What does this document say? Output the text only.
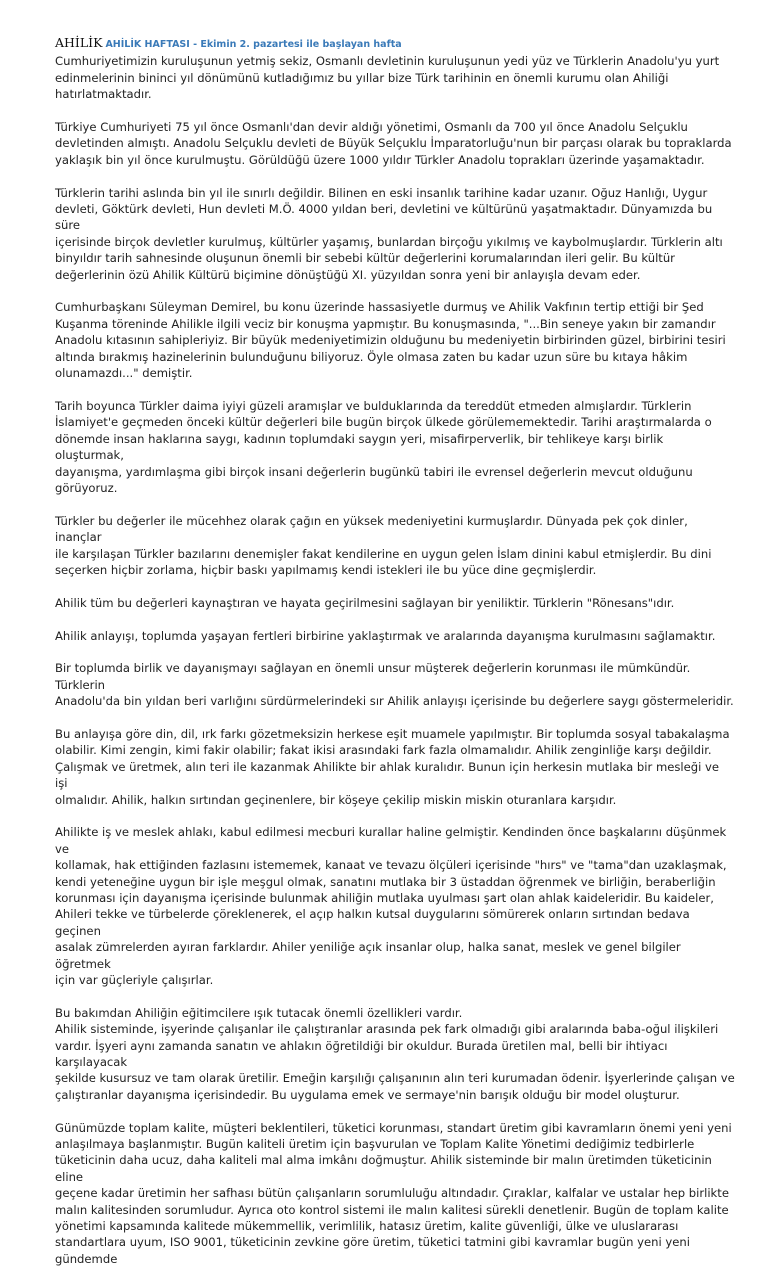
AHİLİK AHİLİK HAFTASI - Ekimin 2. pazartesi ile başlayan hafta

Cumhuriyetimizin kuruluşunun yetmiş sekiz, Osmanlı devletinin kuruluşunun yedi yüz ve Türklerin Anadolu'yu yurt
edinmelerinin bininci yıl dönümünü kutladığımız bu yıllar bize Türk tarihinin en önemli kurumu olan Ahiliği
hatırlatmaktadır.

Türkiye Cumhuriyeti 75 yıl önce Osmanlı'dan devir aldığı yönetimi, Osmanlı da 700 yıl önce Anadolu Selçuklu
devletinden almıştı. Anadolu Selçuklu devleti de Büyük Selçuklu İmparatorluğu'nun bir parçası olarak bu topraklarda
yaklaşık bin yıl önce kurulmuştu. Görüldüğü üzere 1000 yıldır Türkler Anadolu toprakları üzerinde yaşamaktadır.

Türklerin tarihi aslında bin yıl ile sınırlı değildir. Bilinen en eski insanlık tarihine kadar uzanır. Oğuz Hanlığı, Uygur
devleti, Göktürk devleti, Hun devleti M.Ö. 4000 yıldan beri, devletini ve kültürünü yaşatmaktadır. Dünyamızda bu süre
içerisinde birçok devletler kurulmuş, kültürler yaşamış, bunlardan birçoğu yıkılmış ve kaybolmuşlardır. Türklerin altı
binyıldır tarih sahnesinde oluşunun önemli bir sebebi kültür değerlerini korumalarından ileri gelir. Bu kültür
değerlerinin özü Ahilik Kültürü biçimine dönüştüğü XI. yüzyıldan sonra yeni bir anlayışla devam eder.

Cumhurbaşkanı Süleyman Demirel, bu konu üzerinde hassasiyetle durmuş ve Ahilik Vakfının tertip ettiği bir Şed
Kuşanma töreninde Ahilikle ilgili veciz bir konuşma yapmıştır. Bu konuşmasında, "...Bin seneye yakın bir zamandır
Anadolu kıtasının sahipleriyiz. Bir büyük medeniyetimizin olduğunu bu medeniyetin birbirinden güzel, birbirini tesiri
altında bırakmış hazinelerinin bulunduğunu biliyoruz. Öyle olmasa zaten bu kadar uzun süre bu kıtaya hâkim
olunamazdı..." demiştir.

Tarih boyunca Türkler daima iyiyi güzeli aramışlar ve bulduklarında da tereddüt etmeden almışlardır. Türklerin
İslamiyet'e geçmeden önceki kültür değerleri bile bugün birçok ülkede görülememektedir. Tarihi araştırmalarda o
dönemde insan haklarına saygı, kadının toplumdaki saygın yeri, misafirperverlik, bir tehlikeye karşı birlik oluşturmak,
dayanışma, yardımlaşma gibi birçok insani değerlerin bugünkü tabiri ile evrensel değerlerin mevcut olduğunu
görüyoruz.

Türkler bu değerler ile mücehhez olarak çağın en yüksek medeniyetini kurmuşlardır. Dünyada pek çok dinler, inançlar
ile karşılaşan Türkler bazılarını denemişler fakat kendilerine en uygun gelen İslam dinini kabul etmişlerdir. Bu dini
seçerken hiçbir zorlama, hiçbir baskı yapılmamış kendi istekleri ile bu yüce dine geçmişlerdir.

Ahilik tüm bu değerleri kaynaştıran ve hayata geçirilmesini sağlayan bir yeniliktir. Türklerin "Rönesans"ıdır.

Ahilik anlayışı, toplumda yaşayan fertleri birbirine yaklaştırmak ve aralarında dayanışma kurulmasını sağlamaktır.

Bir toplumda birlik ve dayanışmayı sağlayan en önemli unsur müşterek değerlerin korunması ile mümkündür. Türklerin
Anadolu'da bin yıldan beri varlığını sürdürmelerindeki sır Ahilik anlayışı içerisinde bu değerlere saygı göstermeleridir.

Bu anlayışa göre din, dil, ırk farkı gözetmeksizin herkese eşit muamele yapılmıştır. Bir toplumda sosyal tabakalaşma
olabilir. Kimi zengin, kimi fakir olabilir; fakat ikisi arasındaki fark fazla olmamalıdır. Ahilik zenginliğe karşı değildir.
Çalışmak ve üretmek, alın teri ile kazanmak Ahilikte bir ahlak kuralıdır. Bunun için herkesin mutlaka bir mesleği ve işi
olmalıdır. Ahilik, halkın sırtından geçinenlere, bir köşeye çekilip miskin miskin oturanlara karşıdır.

Ahilikte iş ve meslek ahlakı, kabul edilmesi mecburi kurallar haline gelmiştir. Kendinden önce başkalarını düşünmek ve
kollamak, hak ettiğinden fazlasını istememek, kanaat ve tevazu ölçüleri içerisinde "hırs" ve "tama"dan uzaklaşmak,
kendi yeteneğine uygun bir işle meşgul olmak, sanatını mutlaka bir 3 üstaddan öğrenmek ve birliğin, beraberliğin
korunması için dayanışma içerisinde bulunmak ahiliğin mutlaka uyulması şart olan ahlak kaideleridir. Bu kaideler,
Ahileri tekke ve türbelerde çöreklenerek, el açıp halkın kutsal duygularını sömürerek onların sırtından bedava geçinen
asalak zümrelerden ayıran farklardır. Ahiler yeniliğe açık insanlar olup, halka sanat, meslek ve genel bilgiler öğretmek
için var güçleriyle çalışırlar.

Bu bakımdan Ahiliğin eğitimcilere ışık tutacak önemli özellikleri vardır.
Ahilik sisteminde, işyerinde çalışanlar ile çalıştıranlar arasında pek fark olmadığı gibi aralarında baba-oğul ilişkileri
vardır. İşyeri aynı zamanda sanatın ve ahlakın öğretildiği bir okuldur. Burada üretilen mal, belli bir ihtiyacı karşılayacak
şekilde kusursuz ve tam olarak üretilir. Emeğin karşılığı çalışanının alın teri kurumadan ödenir. İşyerlerinde çalışan ve
çalıştıranlar dayanışma içerisindedir. Bu uygulama emek ve sermaye'nin barışık olduğu bir model oluşturur.

Günümüzde toplam kalite, müşteri beklentileri, tüketici korunması, standart üretim gibi kavramların önemi yeni yeni
anlaşılmaya başlanmıştır. Bugün kaliteli üretim için başvurulan ve Toplam Kalite Yönetimi dediğimiz tedbirlerle
tüketicinin daha ucuz, daha kaliteli mal alma imkânı doğmuştur. Ahilik sisteminde bir malın üretimden tüketicinin eline
geçene kadar üretimin her safhası bütün çalışanların sorumluluğu altındadır. Çıraklar, kalfalar ve ustalar hep birlikte
malın kalitesinden sorumludur. Ayrıca oto kontrol sistemi ile malın kalitesi sürekli denetlenir. Bugün de toplam kalite
yönetimi kapsamında kalitede mükemmellik, verimlilik, hatasız üretim, kalite güvenliği, ülke ve uluslararası
standartlara uyum, ISO 9001, tüketicinin zevkine göre üretim, tüketici tatmini gibi kavramlar bugün yeni yeni gündemde
